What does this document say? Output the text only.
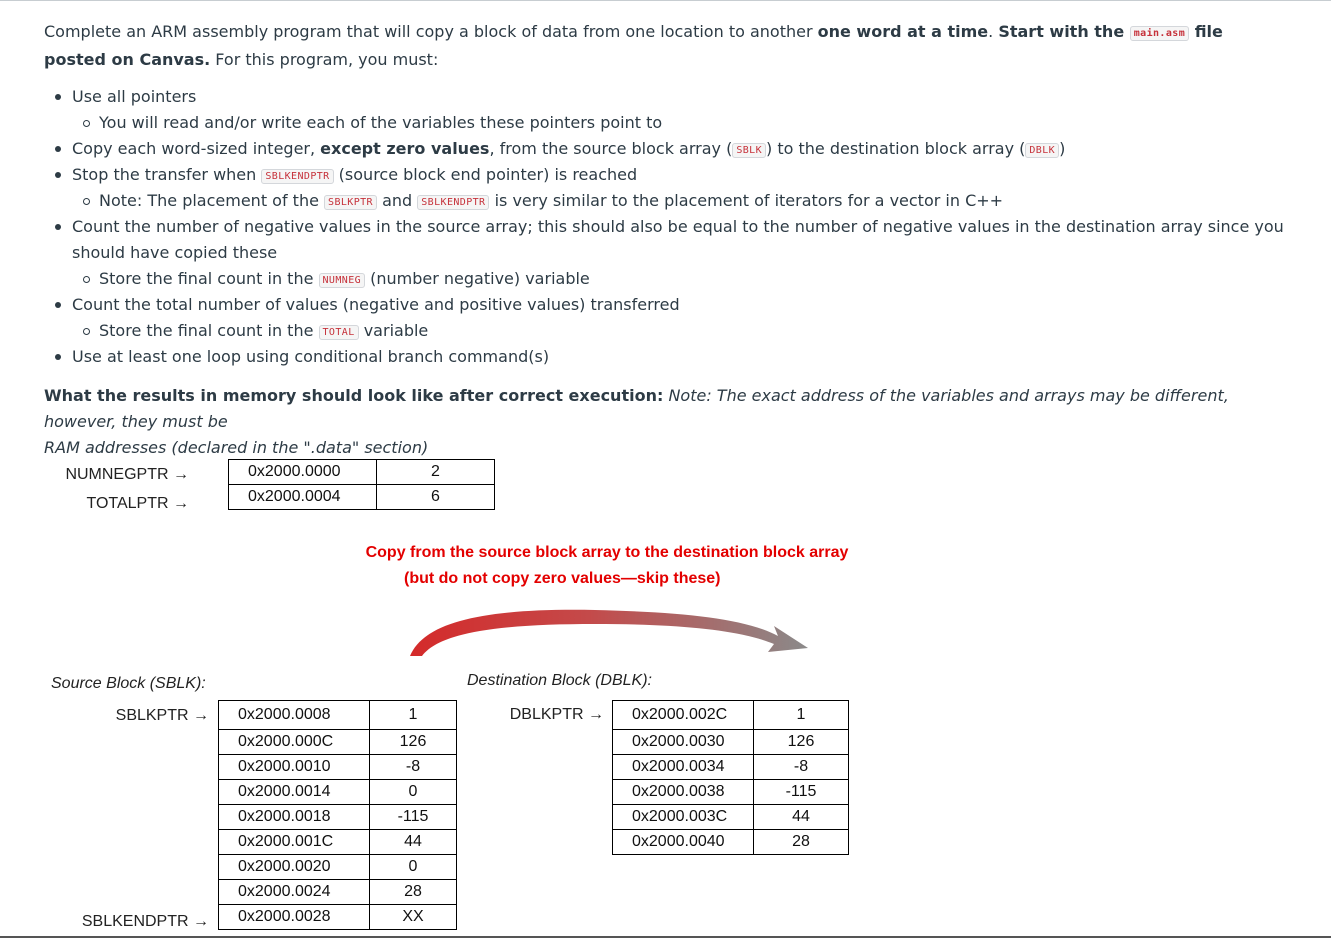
Complete an ARM assembly program that will copy a block of data from one location to another one word at a time. Start with the main.asm file posted on Canvas. For this program, you must:
Use all pointers
You will read and/or write each of the variables these pointers point to
Copy each word-sized integer, except zero values, from the source block array ( SBLK ) to the destination block array ( DBLK )
Stop the transfer when SBLKENDPTR (source block end pointer) is reached
Note: The placement of the SBLKPTR and SBLKENDPTR is very similar to the placement of iterators for a vector in C++
Count the number of negative values in the source array; this should also be equal to the number of negative values in the destination array since you
should have copied these
Store the final count in the NUMNEG (number negative) variable
Count the total number of values (negative and positive values) transferred
Store the final count in the TOTAL variable
Use at least one loop using conditional branch command(s)
What the results in memory should look like after correct execution: Note: The exact address of the variables and arrays may be different, however, they must be
RAM addresses (declared in the ".data" section)
NUMNEGPTR →
TOTALPTR →
0x2000.0000	2
0x2000.0004	6
Copy from the source block array to the destination block array
(but do not copy zero values—skip these)
Source Block (SBLK):	Destination Block (DBLK):
SBLKPTR →
SBLKENDPTR →
DBLKPTR →
0x2000.0008	1
0x2000.000C	126
0x2000.0010	-8
0x2000.0014	0
0x2000.0018	-115
0x2000.001C	44
0x2000.0020	0
0x2000.0024	28
0x2000.0028	XX
0x2000.002C	1
0x2000.0030	126
0x2000.0034	-8
0x2000.0038	-115
0x2000.003C	44
0x2000.0040	28
